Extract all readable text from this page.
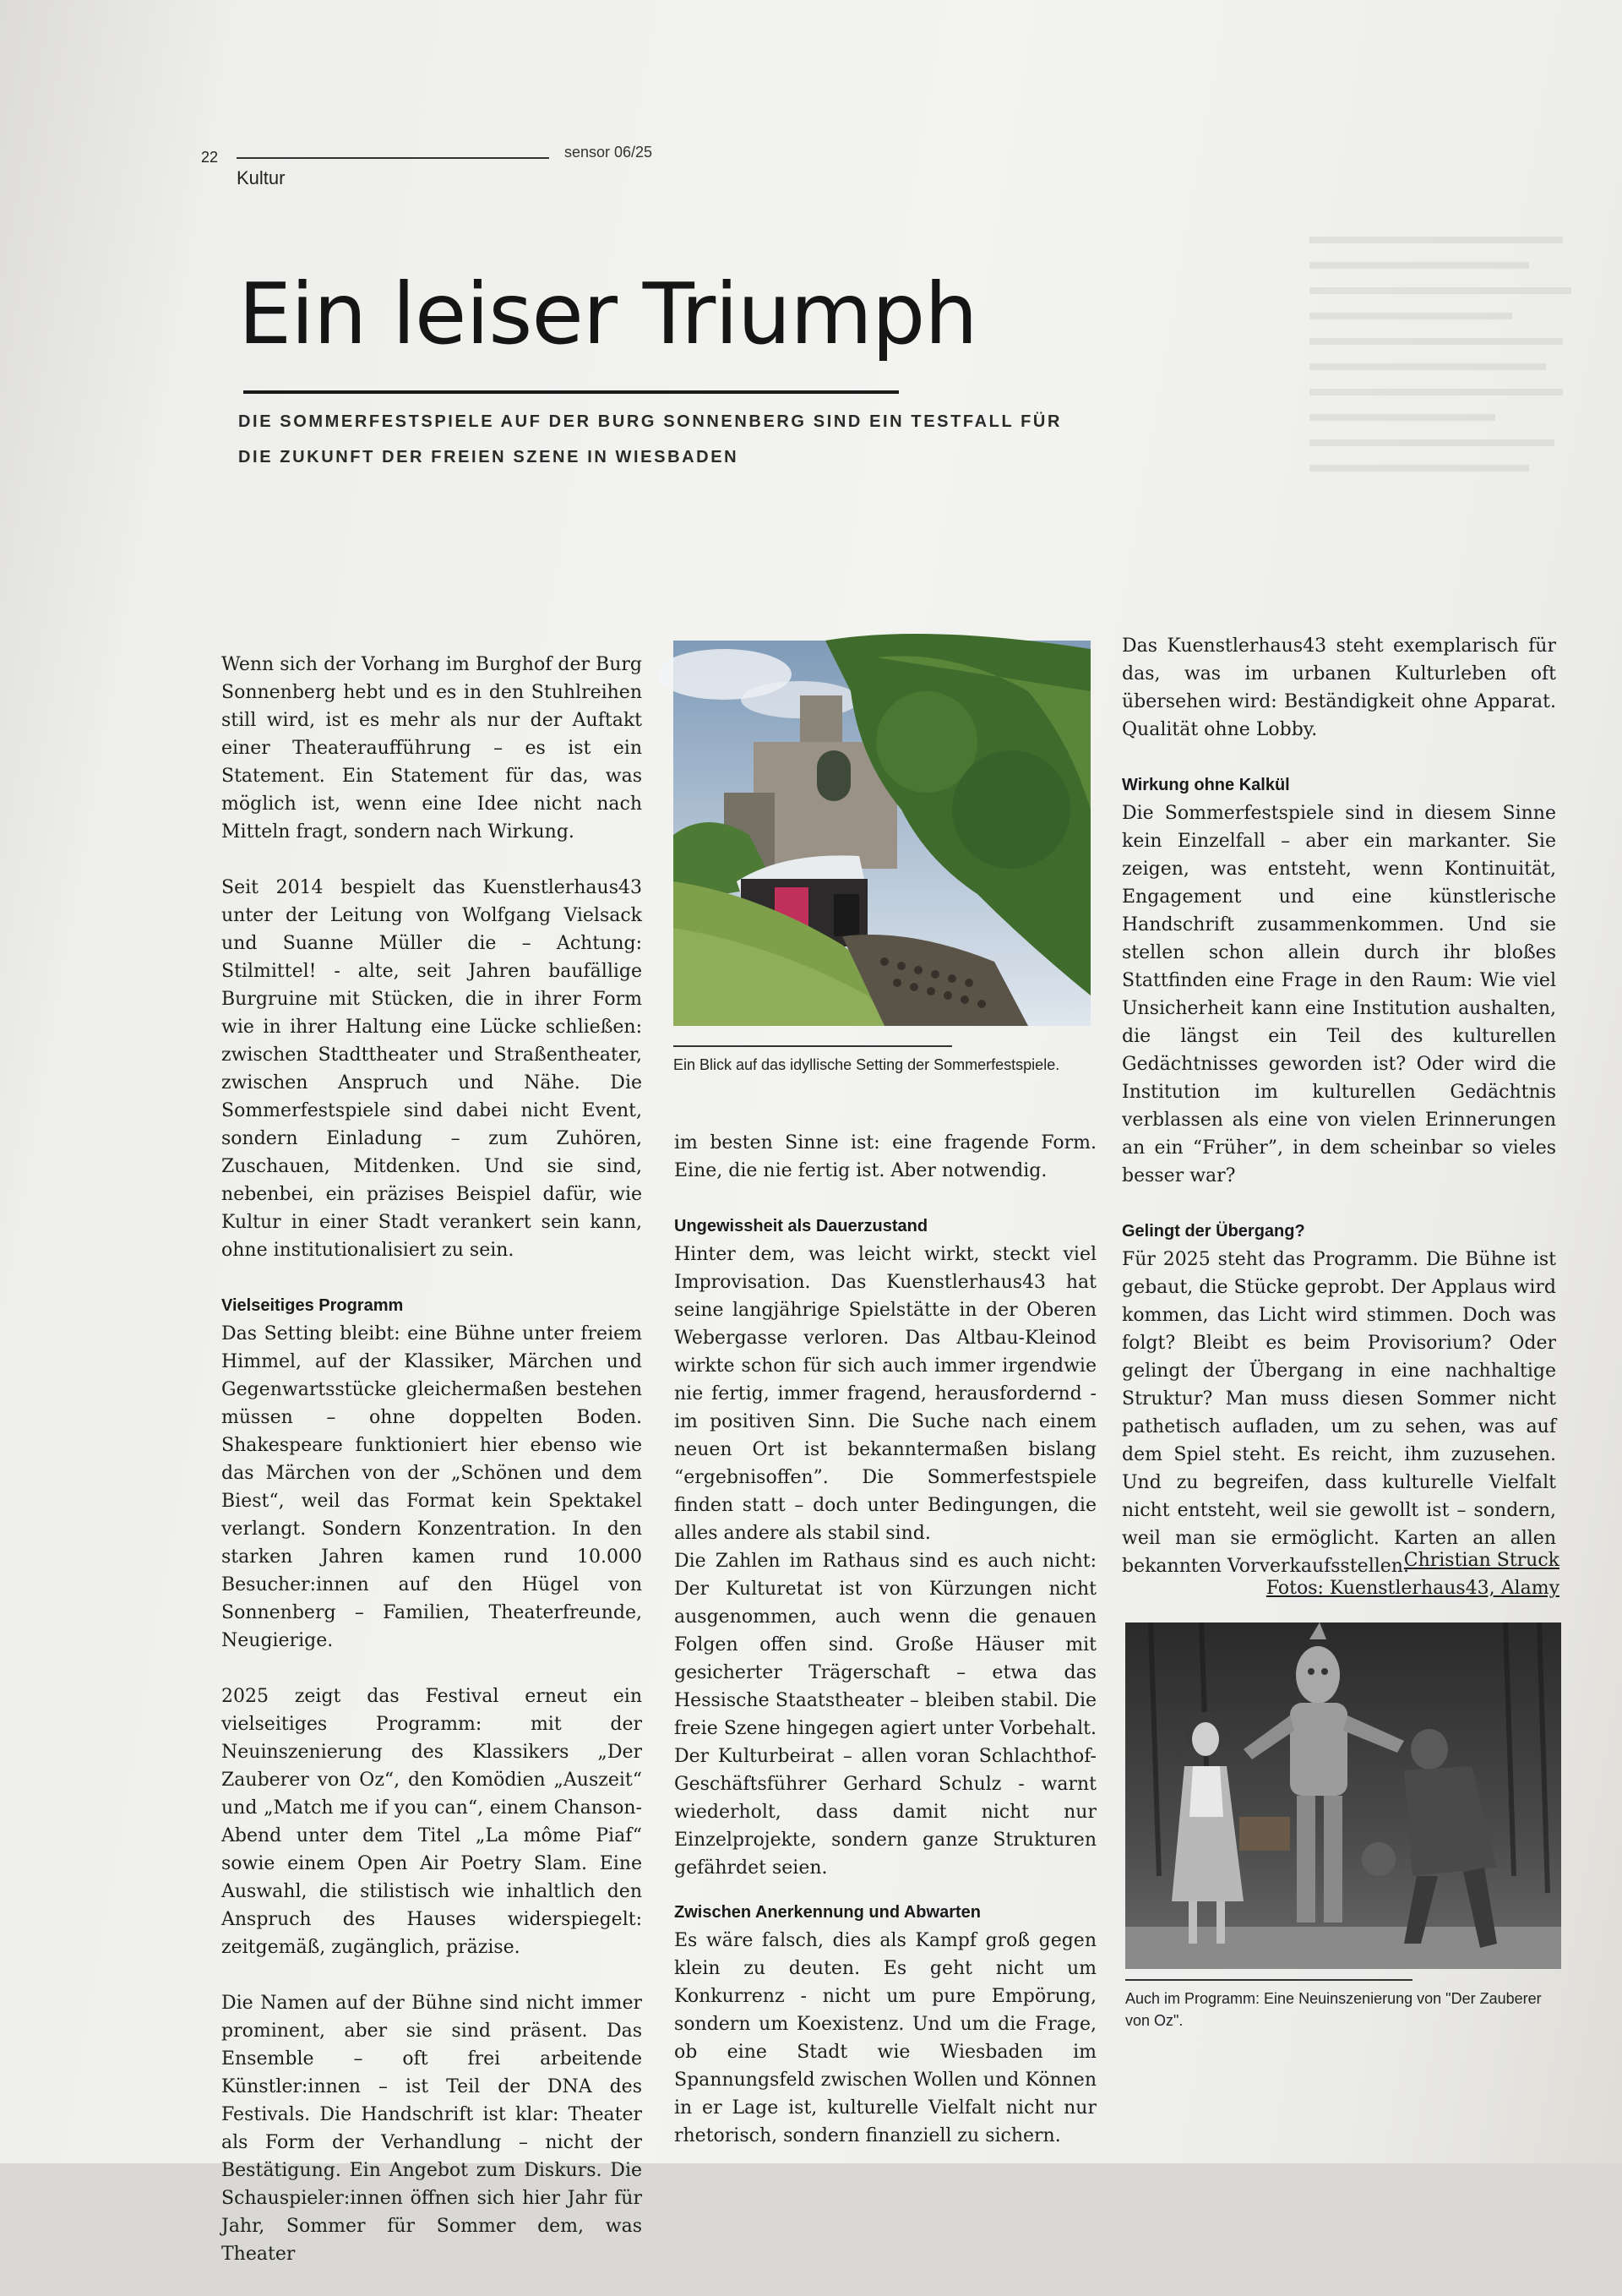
22	sensor 06/25
Kultur
Ein leiser Triumph
DIE SOMMERFESTSPIELE AUF DER BURG SONNENBERG SIND EIN TESTFALL FÜR DIE ZUKUNFT DER FREIEN SZENE IN WIESBADEN

Wenn sich der Vorhang im Burghof der Burg Sonnenberg hebt und es in den Stuhlreihen still wird, ist es mehr als nur der Auftakt einer Theateraufführung – es ist ein Statement. Ein Statement für das, was möglich ist, wenn eine Idee nicht nach Mitteln fragt, sondern nach Wirkung.

Seit 2014 bespielt das Kuenstlerhaus43 unter der Leitung von Wolfgang Vielsack und Suanne Müller die – Achtung: Stilmittel! - alte, seit Jahren baufällige Burgruine mit Stücken, die in ihrer Form wie in ihrer Haltung eine Lücke schließen: zwischen Stadttheater und Straßentheater, zwischen Anspruch und Nähe. Die Sommerfestspiele sind dabei nicht Event, sondern Einladung – zum Zuhören, Zuschauen, Mitdenken. Und sie sind, nebenbei, ein präzises Beispiel dafür, wie Kultur in einer Stadt verankert sein kann, ohne institutionalisiert zu sein.

Vielseitiges Programm

Das Setting bleibt: eine Bühne unter freiem Himmel, auf der Klassiker, Märchen und Gegenwartsstücke gleichermaßen bestehen müssen – ohne doppelten Boden. Shakespeare funktioniert hier ebenso wie das Märchen von der „Schönen und dem Biest“, weil das Format kein Spektakel verlangt. Sondern Konzentration. In den starken Jahren kamen rund 10.000 Besucher:innen auf den Hügel von Sonnenberg – Familien, Theaterfreunde, Neugierige.

2025 zeigt das Festival erneut ein vielseitiges Programm: mit der Neuinszenierung des Klassikers „Der Zauberer von Oz“, den Komödien „Auszeit“ und „Match me if you can“, einem Chanson-Abend unter dem Titel „La môme Piaf“ sowie einem Open Air Poetry Slam. Eine Auswahl, die stilistisch wie inhaltlich den Anspruch des Hauses widerspiegelt: zeitgemäß, zugänglich, präzise.

Die Namen auf der Bühne sind nicht immer prominent, aber sie sind präsent. Das Ensemble – oft frei arbeitende Künstler:innen – ist Teil der DNA des Festivals. Die Handschrift ist klar: Theater als Form der Verhandlung – nicht der Bestätigung. Ein Angebot zum Diskurs. Die Schauspieler:innen öffnen sich hier Jahr für Jahr, Sommer für Sommer dem, was Theater

Ein Blick auf das idyllische Setting der Sommerfestspiele.

im besten Sinne ist: eine fragende Form. Eine, die nie fertig ist. Aber notwendig.

Ungewissheit als Dauerzustand

Hinter dem, was leicht wirkt, steckt viel Improvisation. Das Kuenstlerhaus43 hat seine langjährige Spielstätte in der Oberen Webergasse verloren. Das Altbau-Kleinod wirkte schon für sich auch immer irgendwie nie fertig, immer fragend, herausfordernd - im positiven Sinn. Die Suche nach einem neuen Ort ist bekanntermaßen bislang “ergebnisoffen”. Die Sommerfestspiele finden statt – doch unter Bedingungen, die alles andere als stabil sind.

Die Zahlen im Rathaus sind es auch nicht: Der Kulturetat ist von Kürzungen nicht ausgenommen, auch wenn die genauen Folgen offen sind. Große Häuser mit gesicherter Trägerschaft – etwa das Hessische Staatstheater – bleiben stabil. Die freie Szene hingegen agiert unter Vorbehalt. Der Kulturbeirat – allen voran Schlachthof-Geschäftsführer Gerhard Schulz - warnt wiederholt, dass damit nicht nur Einzelprojekte, sondern ganze Strukturen gefährdet seien.

Zwischen Anerkennung und Abwarten

Es wäre falsch, dies als Kampf groß gegen klein zu deuten. Es geht nicht um Konkurrenz - nicht um pure Empörung, sondern um Koexistenz. Und um die Frage, ob eine Stadt wie Wiesbaden im Spannungsfeld zwischen Wollen und Können in er Lage ist, kulturelle Vielfalt nicht nur rhetorisch, sondern finanziell zu sichern.

Das Kuenstlerhaus43 steht exemplarisch für das, was im urbanen Kulturleben oft übersehen wird: Beständigkeit ohne Apparat. Qualität ohne Lobby.

Wirkung ohne Kalkül

Die Sommerfestspiele sind in diesem Sinne kein Einzelfall – aber ein markanter. Sie zeigen, was entsteht, wenn Kontinuität, Engagement und eine künstlerische Handschrift zusammenkommen. Und sie stellen schon allein durch ihr bloßes Stattfinden eine Frage in den Raum: Wie viel Unsicherheit kann eine Institution aushalten, die längst ein Teil des kulturellen Gedächtnisses geworden ist? Oder wird die Institution im kulturellen Gedächtnis verblassen als eine von vielen Erinnerungen an ein “Früher”, in dem scheinbar so vieles besser war?

Gelingt der Übergang?

Für 2025 steht das Programm. Die Bühne ist gebaut, die Stücke geprobt. Der Applaus wird kommen, das Licht wird stimmen. Doch was folgt? Bleibt es beim Provisorium? Oder gelingt der Übergang in eine nachhaltige Struktur? Man muss diesen Sommer nicht pathetisch aufladen, um zu sehen, was auf dem Spiel steht. Es reicht, ihm zuzusehen. Und zu begreifen, dass kulturelle Vielfalt nicht entsteht, weil sie gewollt ist – sondern, weil man sie ermöglicht. Karten an allen bekannten Vorverkaufsstellen.

Christian Struck
Fotos: Kuenstlerhaus43, Alamy
Auch im Programm: Eine Neuinszenierung von "Der Zauberer von Oz".
